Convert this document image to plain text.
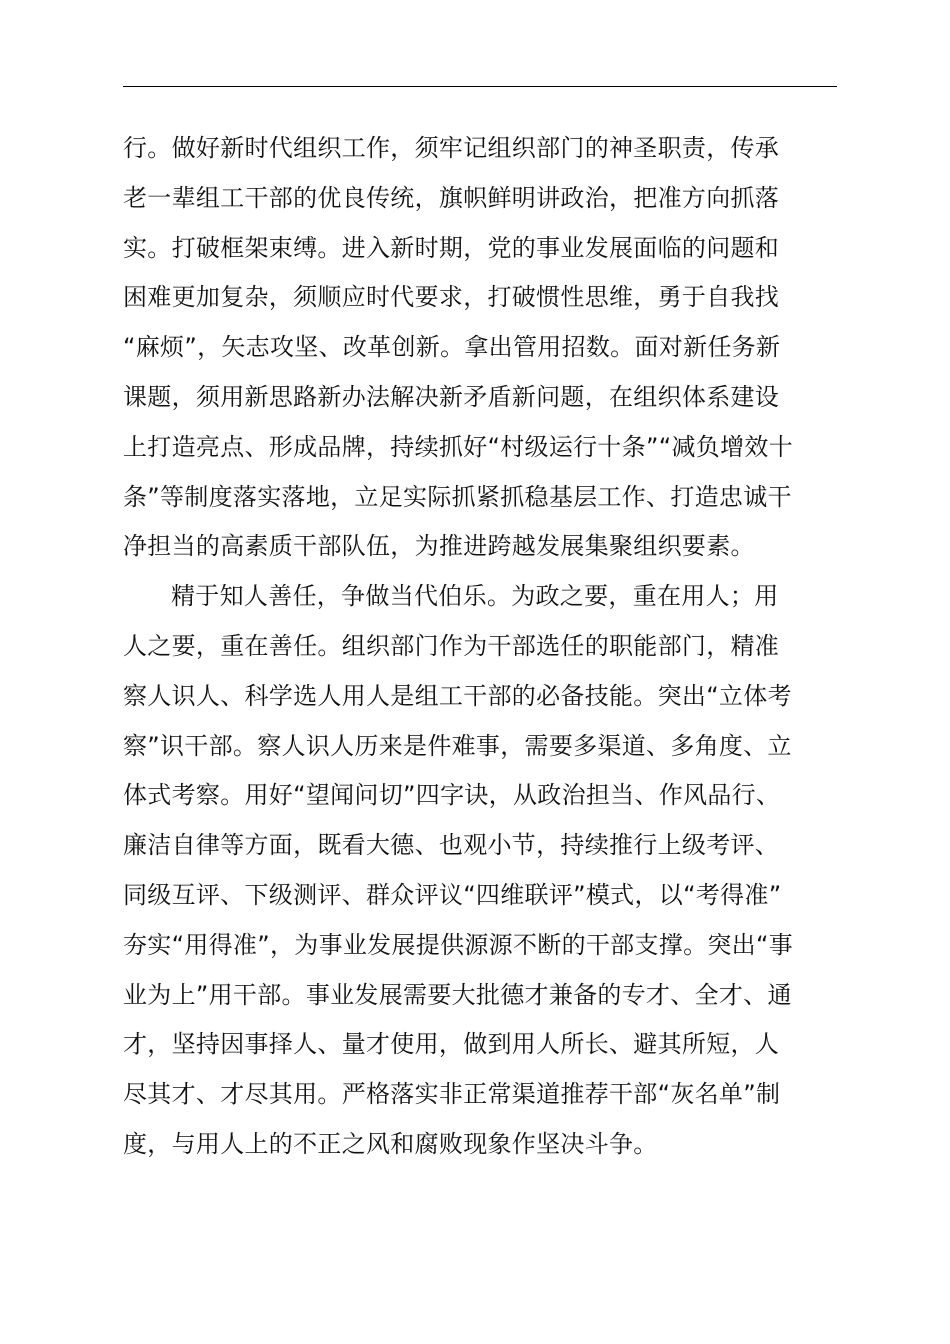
行。做好新时代组织工作，须牢记组织部门的神圣职责，传承
老一辈组工干部的优良传统，旗帜鲜明讲政治，把准方向抓落
实。打破框架束缚。进入新时期，党的事业发展面临的问题和
困难更加复杂，须顺应时代要求，打破惯性思维，勇于自我找
“麻烦”，矢志攻坚、改革创新。拿出管用招数。面对新任务新
课题，须用新思路新办法解决新矛盾新问题，在组织体系建设
上打造亮点、形成品牌，持续抓好“村级运行十条”“减负增效十
条”等制度落实落地，立足实际抓紧抓稳基层工作、打造忠诚干
净担当的高素质干部队伍，为推进跨越发展集聚组织要素。
精于知人善任，争做当代伯乐。为政之要，重在用人；用
人之要，重在善任。组织部门作为干部选任的职能部门，精准
察人识人、科学选人用人是组工干部的必备技能。突出“立体考
察”识干部。察人识人历来是件难事，需要多渠道、多角度、立
体式考察。用好“望闻问切”四字诀，从政治担当、作风品行、
廉洁自律等方面，既看大德、也观小节，持续推行上级考评、
同级互评、下级测评、群众评议“四维联评”模式，以“考得准”
夯实“用得准”，为事业发展提供源源不断的干部支撑。突出“事
业为上”用干部。事业发展需要大批德才兼备的专才、全才、通
才，坚持因事择人、量才使用，做到用人所长、避其所短，人
尽其才、才尽其用。严格落实非正常渠道推荐干部“灰名单”制
度，与用人上的不正之风和腐败现象作坚决斗争。
